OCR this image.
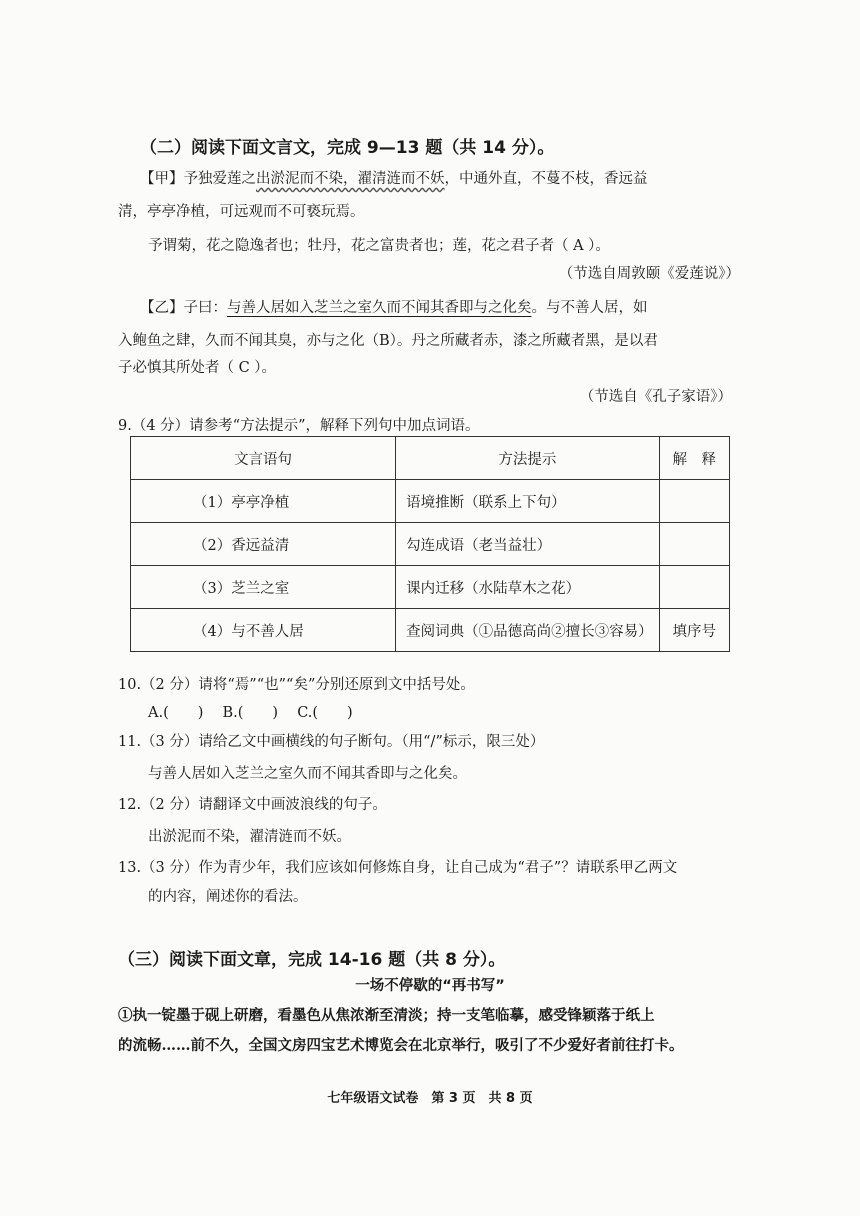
（二）阅读下面文言文，完成 9—13 题（共 14 分）。
【甲】予独爱莲之出淤泥而不染，濯清涟而不妖，中通外直，不蔓不枝，香远益
清，亭亭净植，可远观而不可亵玩焉。
予谓菊，花之隐逸者也；牡丹，花之富贵者也；莲，花之君子者（ A ）。
（节选自周敦颐《爱莲说》）
【乙】子曰：与善人居如入芝兰之室久而不闻其香即与之化矣。与不善人居，如
入鲍鱼之肆，久而不闻其臭，亦与之化（B）。丹之所藏者赤，漆之所藏者黑，是以君
子必慎其所处者（ C ）。
（节选自《孔子家语》）
9.（4 分）请参考“方法提示”，解释下列句中加点词语。
文言语句	方法提示	解　释
（1）亭亭净植	语境推断（联系上下句）	
（2）香远益清	勾连成语（老当益壮）	
（3）芝兰之室	课内迁移（水陆草木之花）	
（4）与不善人居	查阅词典（①品德高尚②擅长③容易）	填序号
10.（2 分）请将“焉”“也”“矣”分别还原到文中括号处。
A.(　　)　 B.(　　)　 C.(　　)
11.（3 分）请给乙文中画横线的句子断句。（用“/”标示，限三处）
与善人居如入芝兰之室久而不闻其香即与之化矣。
12.（2 分）请翻译文中画波浪线的句子。
出淤泥而不染，濯清涟而不妖。
13.（3 分）作为青少年，我们应该如何修炼自身，让自己成为“君子”？请联系甲乙两文
的内容，阐述你的看法。
（三）阅读下面文章，完成 14-16 题（共 8 分）。
一场不停歇的“再书写”
①执一锭墨于砚上研磨，看墨色从焦浓渐至清淡；持一支笔临摹，感受锋颖落于纸上
的流畅……前不久，全国文房四宝艺术博览会在北京举行，吸引了不少爱好者前往打卡。
七年级语文试卷　第 3 页　共 8 页
